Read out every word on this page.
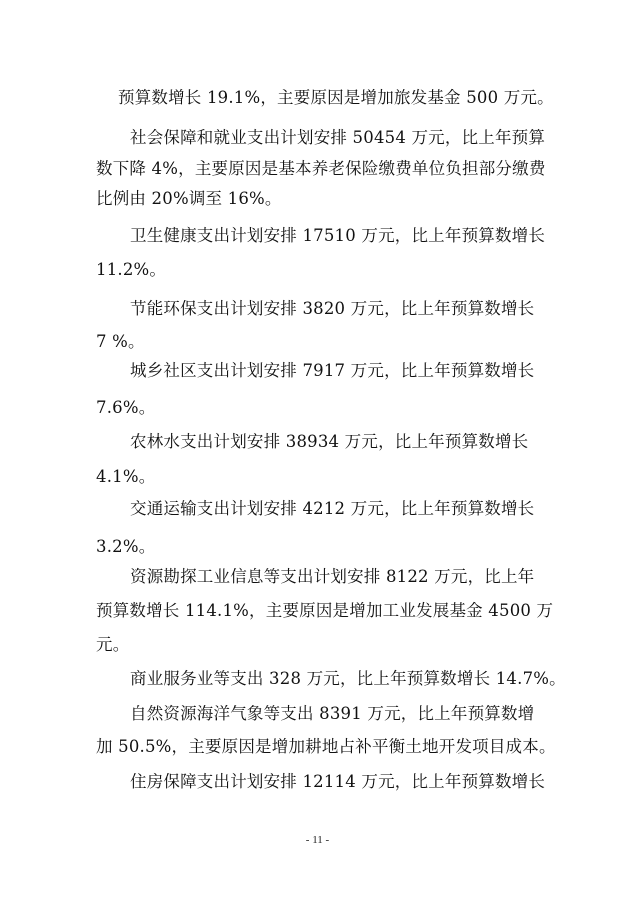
预算数增长 19.1%，主要原因是增加旅发基金 500 万元。

社会保障和就业支出计划安排 50454 万元，比上年预算

数下降 4%，主要原因是基本养老保险缴费单位负担部分缴费

比例由 20%调至 16%。

卫生健康支出计划安排 17510 万元，比上年预算数增长

11.2%。

节能环保支出计划安排 3820 万元，比上年预算数增长

7 %。

城乡社区支出计划安排 7917 万元，比上年预算数增长

7.6%。

农林水支出计划安排 38934 万元，比上年预算数增长

4.1%。

交通运输支出计划安排 4212 万元，比上年预算数增长

3.2%。

资源勘探工业信息等支出计划安排 8122 万元，比上年

预算数增长 114.1%，主要原因是增加工业发展基金 4500 万

元。

商业服务业等支出 328 万元，比上年预算数增长 14.7%。

自然资源海洋气象等支出 8391 万元，比上年预算数增

加 50.5%，主要原因是增加耕地占补平衡土地开发项目成本。

住房保障支出计划安排 12114 万元，比上年预算数增长

- 11 -
